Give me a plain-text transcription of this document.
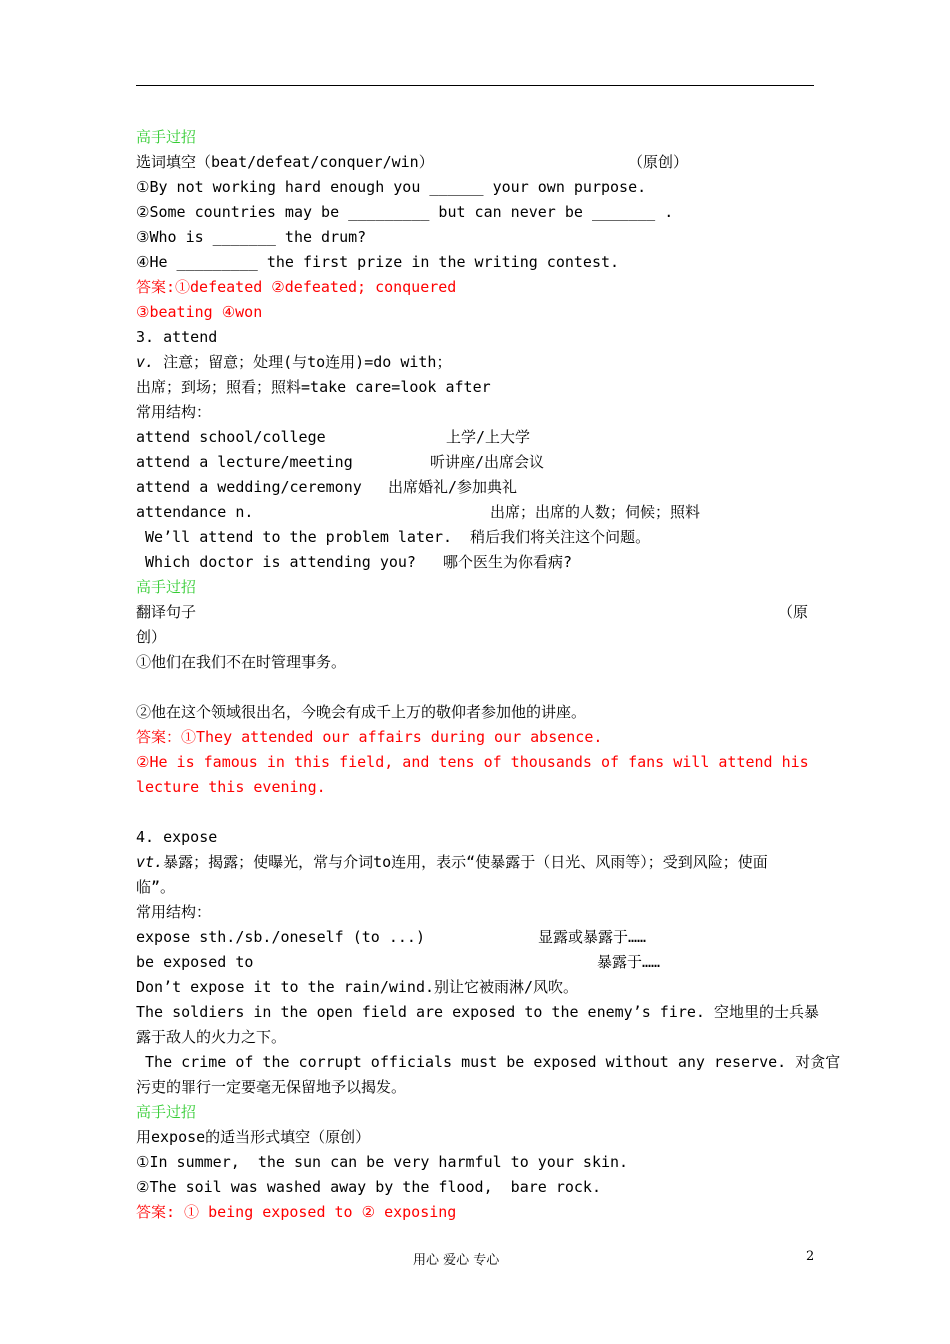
高手过招
选词填空（beat/defeat/conquer/win）	（原创）
①By not working hard enough you ______ your own purpose.
②Some countries may be _________ but can never be _______ .
③Who is _______ the drum?
④He _________ the first prize in the writing contest.
答案:①defeated ②defeated; conquered
③beating ④won
3. attend
v. 注意；留意；处理(与to连用)=do with；
出席；到场；照看；照料=take care=look after
常用结构：
attend school/college	上学/上大学
attend a lecture/meeting	听讲座/出席会议
attend a wedding/ceremony 出席婚礼/参加典礼
attendance n.	出席；出席的人数；伺候；照料
We’ll attend to the problem later.  稍后我们将关注这个问题。
Which doctor is attending you?   哪个医生为你看病?
高手过招
翻译句子	（原
创）
①他们在我们不在时管理事务。
②他在这个领域很出名，今晚会有成千上万的敬仰者参加他的讲座。
答案：①They attended our affairs during our absence.
②He is famous in this field, and tens of thousands of fans will attend his
lecture this evening.
4. expose
vt.暴露；揭露；使曝光，常与介词to连用，表示“使暴露于（日光、风雨等）；受到风险；使面
临”。
常用结构：
expose sth./sb./oneself (to ...)	显露或暴露于……
be exposed to	暴露于……
Don’t expose it to the rain/wind.别让它被雨淋/风吹。
The soldiers in the open field are exposed to the enemy’s fire. 空地里的士兵暴
露于敌人的火力之下。
The crime of the corrupt officials must be exposed without any reserve. 对贪官
污吏的罪行一定要毫无保留地予以揭发。
高手过招
用expose的适当形式填空（原创）
①In summer,  the sun can be very harmful to your skin.
②The soil was washed away by the flood,  bare rock.
答案: ① being exposed to ② exposing
用心 爱心 专心	2
